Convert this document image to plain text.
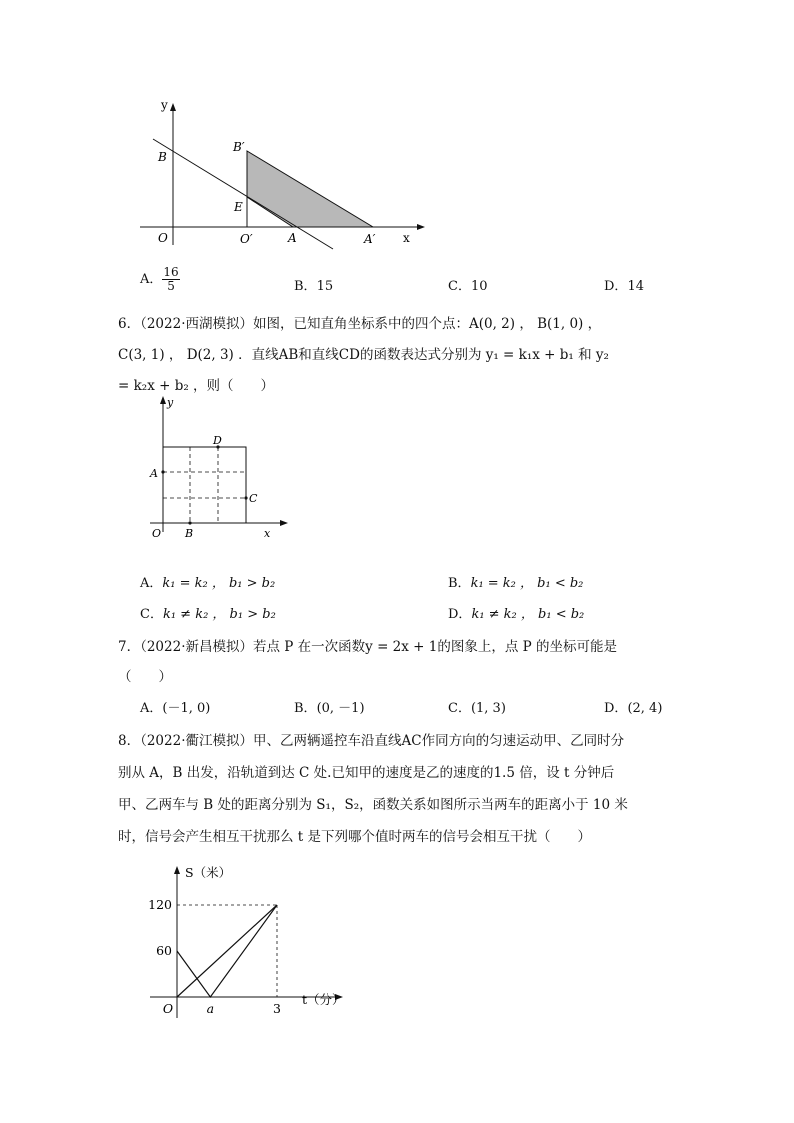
y
x
B
B′
E
O	O′	A	A′
A． $\frac{16}{5}$	B．15	C．10	D．14
6．（2022·西湖模拟）如图，已知直角坐标系中的四个点：A(0, 2) ， B(1, 0) ，
C(3, 1) ， D(2, 3) ．直线AB和直线CD的函数表达式分别为 y₁ = k₁x + b₁ 和 y₂
= k₂x + b₂ ，则（　　）
y
x
O
A
B
C
D
A．k₁ = k₂ ， b₁ > b₂	B．k₁ = k₂ ， b₁ < b₂
C．k₁ ≠ k₂ ， b₁ > b₂	D．k₁ ≠ k₂ ， b₁ < b₂
7．（2022·新昌模拟）若点 P 在一次函数y = 2x + 1的图象上，点 P 的坐标可能是
（　　）
A．(－1, 0)	B．(0, －1)	C．(1, 3)	D．(2, 4)
8．（2022·衢江模拟）甲、乙两辆遥控车沿直线AC作同方向的匀速运动甲、乙同时分
别从 A，B 出发，沿轨道到达 C 处.已知甲的速度是乙的速度的1.5 倍，设 t 分钟后
甲、乙两车与 B 处的距离分别为 S₁，S₂，函数关系如图所示当两车的距离小于 10 米
时，信号会产生相互干扰那么 t 是下列哪个值时两车的信号会相互干扰（　　）
60
120
O	a	3
S（米）
t（分）
